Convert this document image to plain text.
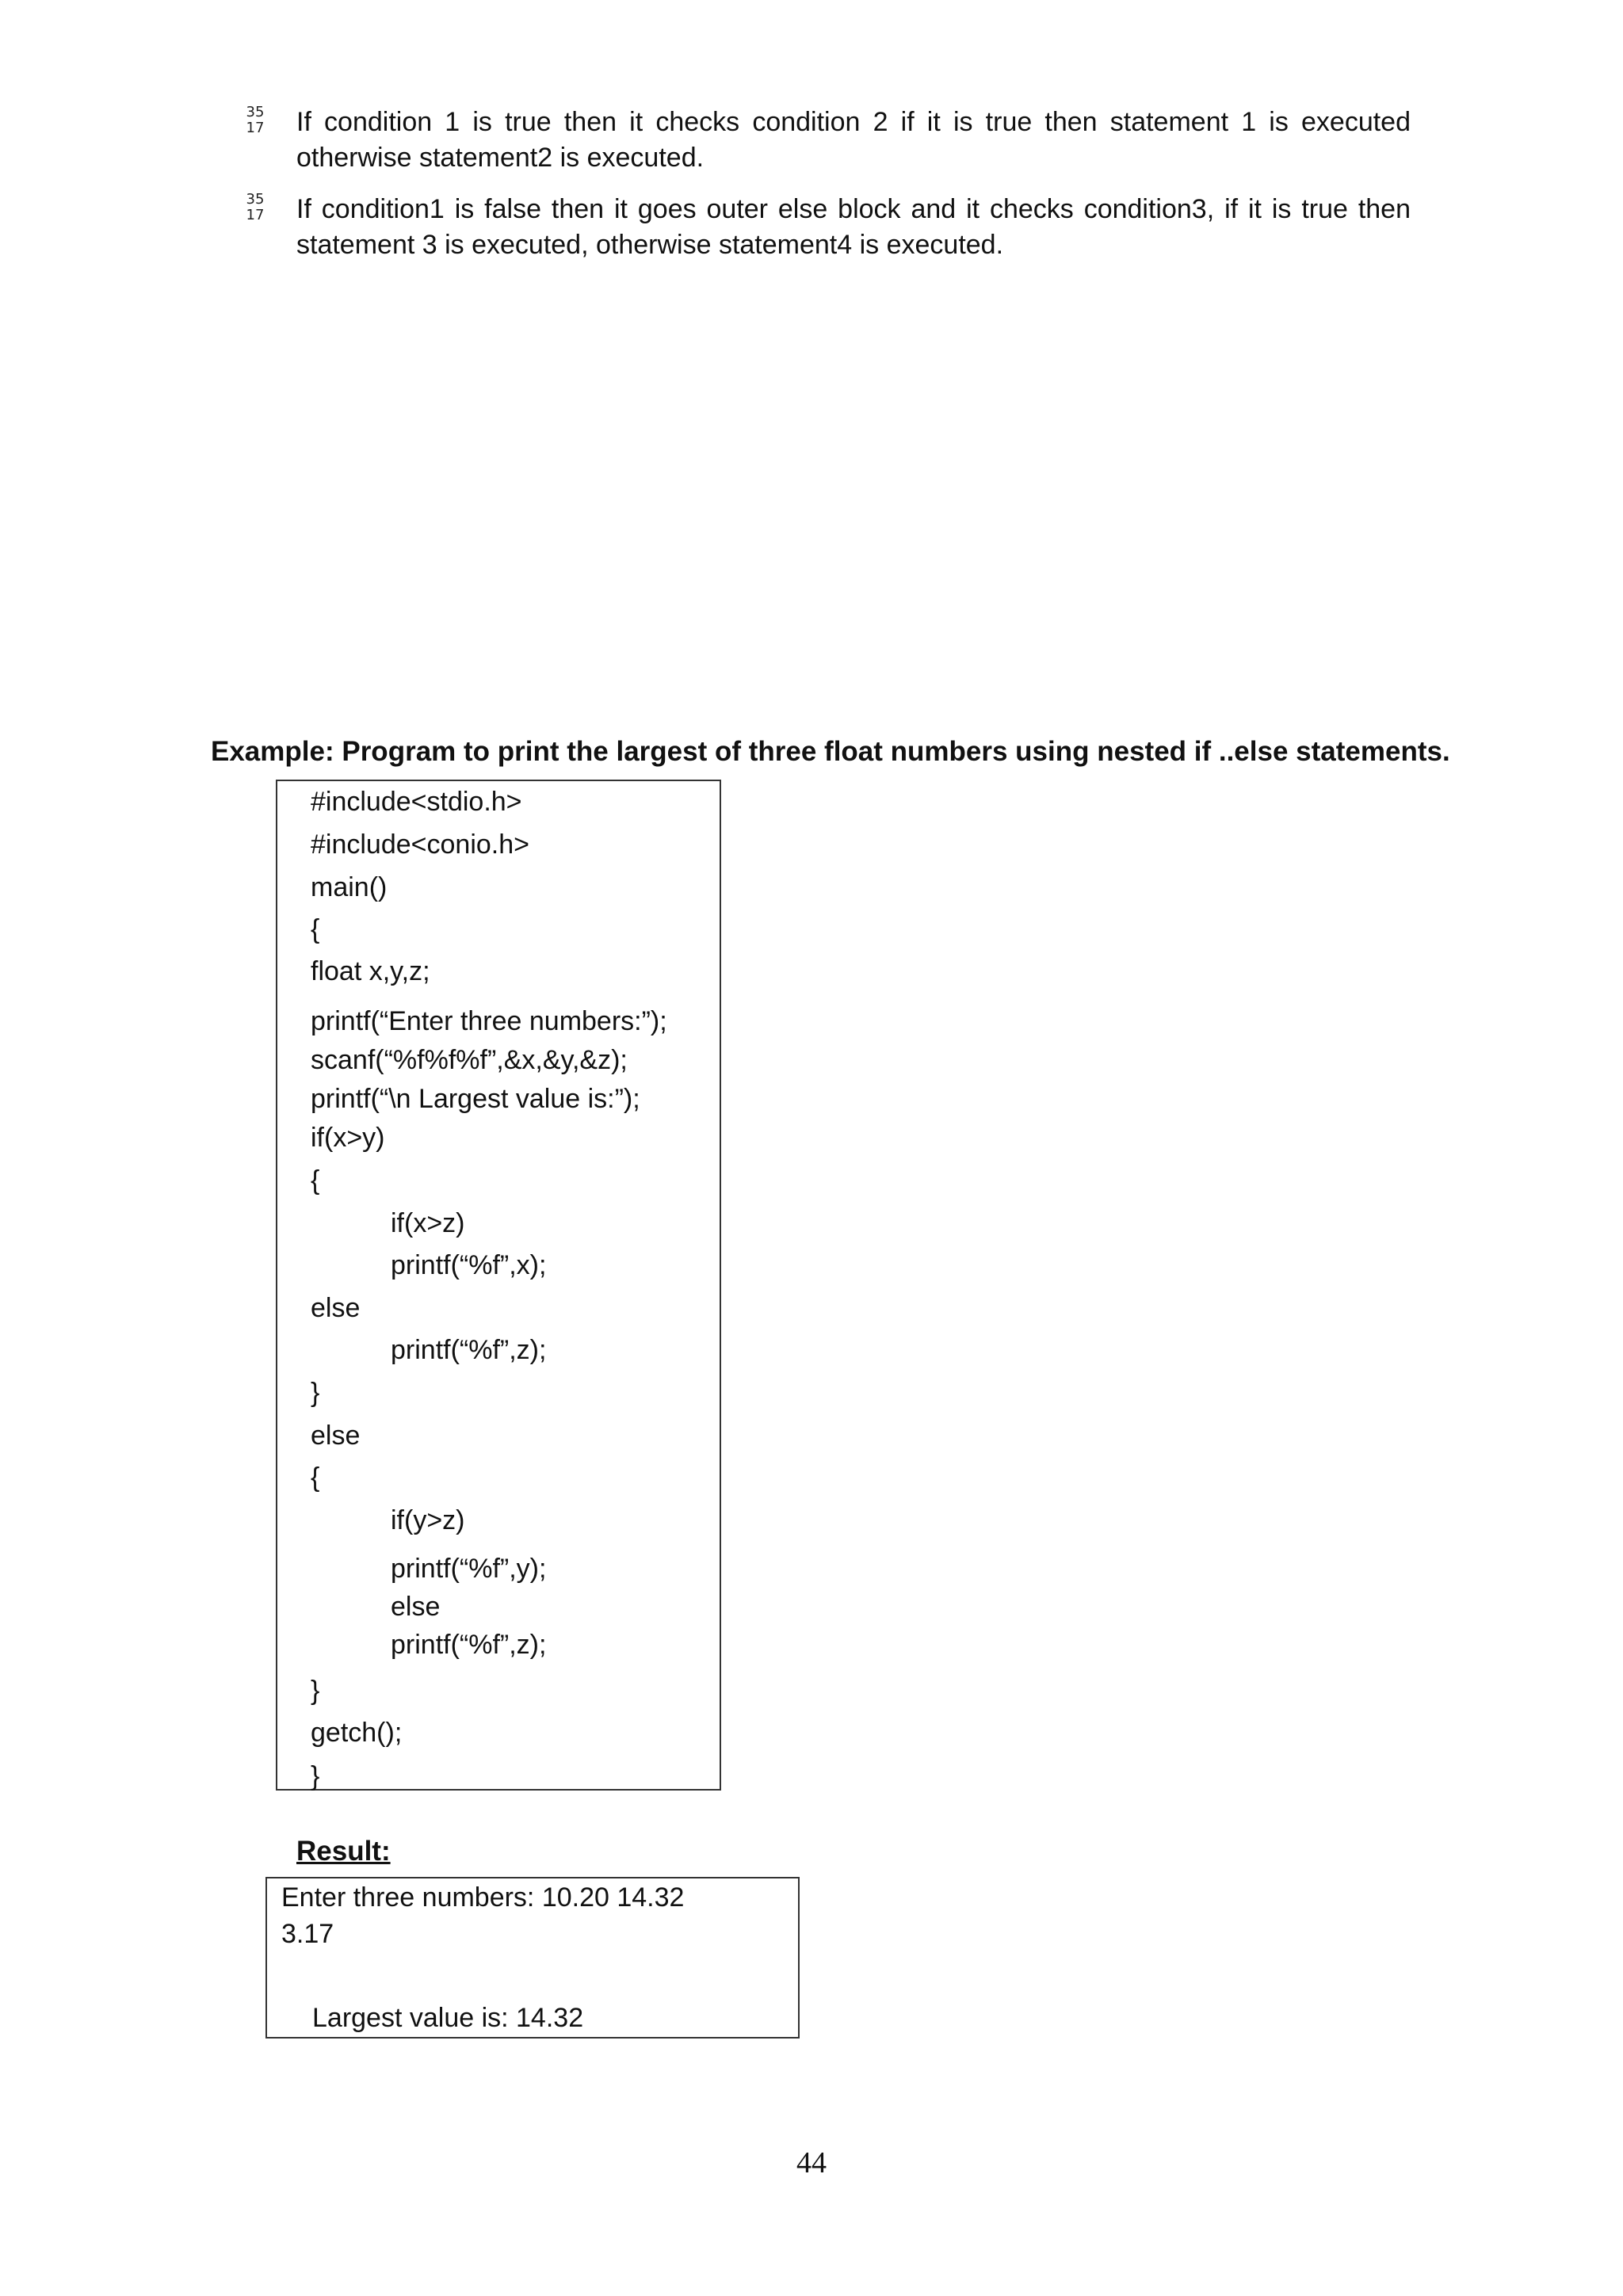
35
17 If condition 1 is true then it checks condition 2 if it is true then statement 1 is executed otherwise statement2 is executed.
35
17 If condition1 is false then it goes outer else block and it checks condition3, if it is true then statement 3 is executed, otherwise statement4 is executed.
Example: Program to print the largest of three float numbers using nested if ..else statements.
#include<stdio.h>
#include<conio.h>
main()
{
float x,y,z;
printf(“Enter three numbers:”);
scanf(“%f%f%f”,&x,&y,&z);
printf(“\n Largest value is:”);
if(x>y)
{
if(x>z)
printf(“%f”,x);
else
printf(“%f”,z);
}
else
{
if(y>z)
printf(“%f”,y);
else
printf(“%f”,z);
}
getch();
}
Result:
Enter three numbers: 10.20 14.32
3.17
Largest value is: 14.32
44
